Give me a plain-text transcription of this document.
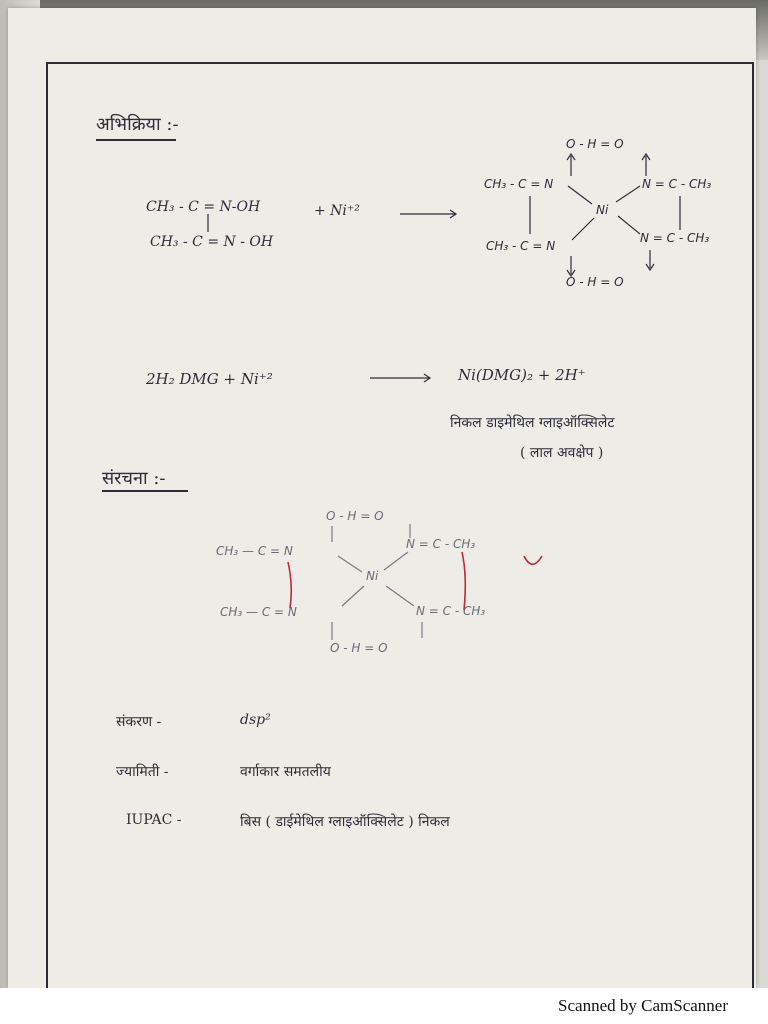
अभिक्रिया :-
CH₃ - C = N-OH
CH₃ - C = N - OH
+ Ni⁺²
2H₂ DMG + Ni⁺²	Ni(DMG)₂ + 2H⁺
निकल डाइमेथिल ग्लाइऑक्सिलेट
( लाल अवक्षेप )
संरचना :-
संकरण -	dsp²
ज्यामिती -	वर्गाकार समतलीय
IUPAC -	बिस ( डाईमेथिल ग्लाइऑक्सिलेट ) निकल
O - H = O
CH₃ - C = N	N = C - CH₃
Ni
CH₃ - C = N
N = C - CH₃
O - H = O
O - H = O
CH₃ — C = N	N = C - CH₃
Ni
CH₃ — C = N	N = C - CH₃
O - H = O
Scanned by CamScanner
